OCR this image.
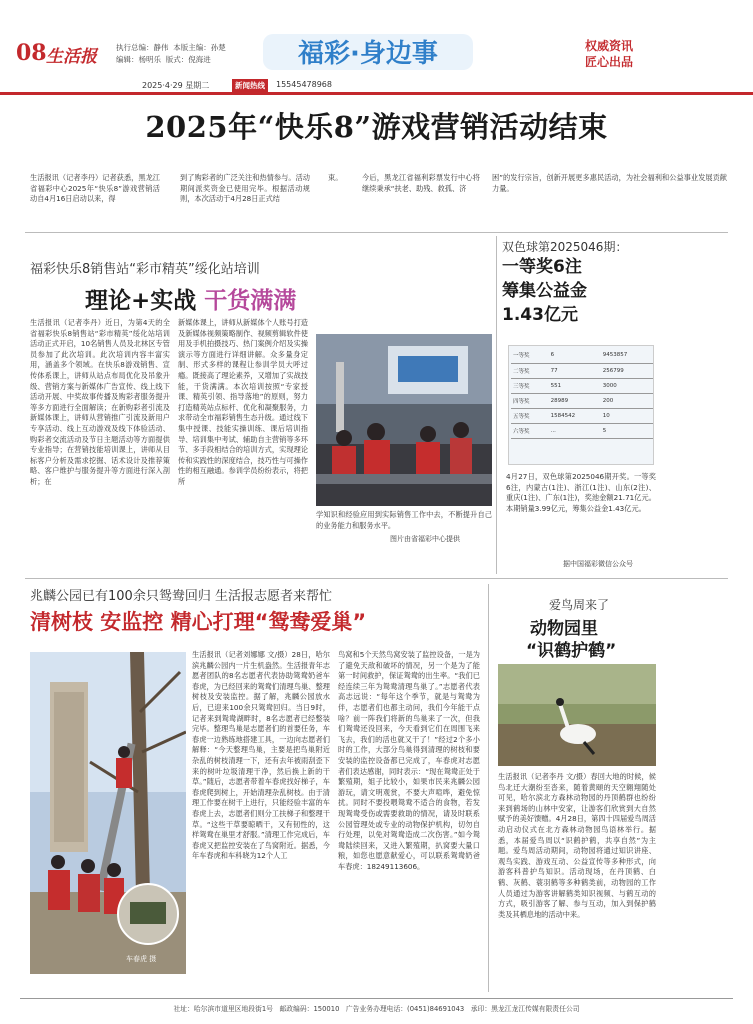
08 生活报	执行总编：静伟 本版主编：孙楚
编辑：杨明乐 版式：倪海进	福彩·身边事	权威资讯
匠心出品
2025·4·29 星期二	新闻热线	15545478968
2025年“快乐8”游戏营销活动结束
生活报讯（记者李丹）记者获悉，黑龙江省福彩中心2025年“快乐8”游戏营销活动自4月16日启动以来，得
到了购彩者的广泛关注和热情参与。活动期间派奖资金已使用完毕。根据活动规则，本次活动于4月28日正式结
束。	今后，黑龙江省福利彩票发行中心将继续秉承“扶老、助残、救孤、济
困”的发行宗旨，创新开展更多惠民活动，为社会福利和公益事业发展贡献力量。
福彩快乐8销售站“彩市精英”绥化站培训
理论+实战 干货满满
生活报讯（记者李丹）近日，为第4天的全省福彩快乐8销售站“彩市精英”绥化站培训活动正式开启，10名销售人员及北林区专管员参加了此次培训。此次培训内容丰富实用，涵盖多个领域。在快乐8游戏销售、宣传体系课上，讲师从站点布局优化及吊象升级、营销方案与新媒体广告宣传、线上线下活动开展、中奖故事传播及购彩者服务提升等多方面进行全面解读；在新购彩者引流及新媒体课上，讲师从营销推广引流及新用户专享活动、线上互动游戏及线下体验活动、购彩者交流活动及节日主题活动等方面提供专业指导；在营销技能培训课上，讲师从目标客户分析及需求挖掘、话术设计及推荐策略、客户维护与服务提升等方面进行深入剖析；在
新媒体课上，讲师从新媒体个人账号打造及新媒体视频策略制作、视频剪辑软件使用及手机拍摄技巧、热门案例介绍及实操演示等方面进行详细讲解。众多量身定制、形式多样的课程让参训学员大呼过瘾。既接高了理论素养，又增加了实战技能，干货满满。本次培训按照“专家授课、精英引领、指导落地”的原则，努力打造精英站点标杆、优化和凝聚服务，力求带动全市福彩销售生态升级。通过线下集中授课、技能实操训练、课后培训指导、培训集中考试、辅助自主营销等多环节、多手段相结合的培训方式，实现理论传和实践性的深度结合，技巧性与可操作性的相互融通。参训学员纷纷表示，将把所
学知识和经验应用到实际销售工作中去，不断提升自己的业务能力和服务水平。
图片由省福彩中心提供
双色球第2025046期：
一等奖6注
筹集公益金
1.43亿元
一等奖	6	9453857
二等奖	77	256799
三等奖	551	3000
四等奖	28989	200
五等奖	1584542	10
六等奖	...	5
4月27日，双色球第2025046期开奖。一等奖6注，内蒙古(1注)、浙江(1注)、山东(2注)、重庆(1注)、广东(1注)，奖池金额21.71亿元。本期销量3.99亿元，筹集公益金1.43亿元。
据中国福彩微信公众号
兆麟公园已有100余只鸳鸯回归 生活报志愿者来帮忙
清树枝 安监控 精心打理“鸳鸯爱巢”
车春虎 摄
生活报讯（记者刘娜娜 文/摄）28日，哈尔滨兆麟公园内一片生机盎然。生活报青年志愿者团队的8名志愿者代表协助鸳鸯奶爸车春虎，为已经回来的鸳鸯们清理鸟巢、整理树枝及安装监控。据了解，兆麟公园放水后，已迎来100余只鸳鸯回归。当日9时，记者来到鸳鸯湖畔时，8名志愿者已经整装完毕。整理鸟巢是志愿者们的首要任务，车春虎一边熟练地搭建工具，一边向志愿者们解释：“今天整理鸟巢，主要是把鸟巢附近杂乱的树枝清理一下，还有去年被雨刮歪下来的树叶垃圾清理干净，然后换上新的干草。”随后，志愿者带着车春虎找好梯子，车春虎爬到树上，开始清理杂乱树枝。由于清理工作要在树干上进行，只能经验丰富的车春虎上去，志愿者们则分工扶梯子和整理干草。“这些干草要晾晒干，又有韧性的，这样鸳鸯在巢里才舒服。”清理工作完成后，车春虎又把监控安装在了鸟窝附近。据悉，今年车春虎和车科晓为12个人工
鸟窝和5个天然鸟窝安装了监控设备，一是为了避免天敌和破坏的情况，另一个是为了能第一时间救护，保证鸳鸯的出生率。“我们已经连续三年为鸳鸯清理鸟巢了。”志愿者代表高志远说：“每年这个季节，就是与鸳鸯为伴，志愿者们也都主动问，我们今年能干点啥？前一阵我们将新的鸟巢来了一次，但我们鸳鸯还没回来，今天看到它们在周围飞来飞去，我们的活也就又干了！”经过2个多小时的工作，大部分鸟巢得到清理的树枝和要安装的监控设备都已完成了，车春虎对志愿者们表达感谢，同时表示：“现在鸳鸯正处于繁殖期，姐子比较小，如果市民来兆麟公园游玩，请文明观赏，不要大声喧哗，避免惊扰。同时不要投喂鸳鸯不适合的食物，若发现鸳鸯受伤或需要救助的情况，请及时联系公园管理处或专业的动物保护机构，切勿自行处理，以免对鸳鸯造成二次伤害。”如今鸳鸯陆续回来，又进入繁殖期，扒窝要大量口粮，如您也愿意献爱心，可以联系鸳鸯奶爸车春虎：18249113606。
爱鸟周来了
动物园里
“识鹤护鹤”
生活报讯（记者李丹 文/摄）春回大地的时候，候鸟北迁大潮纷至沓来，随着黄頤的天空翱翔随处可见，哈尔滨北方森林动物园的丹顶鹤群也纷纷来到鹤场的山林中安家，让游客们欣赏到大自然赋予的美好馈赠。4月28日，第四十四届爱鸟周活动启动仪式在北方森林动物园鸟语林举行。据悉，本届爱鸟周以“识鹤护鹤，共享自然”为主题。爱鸟周活动期间，动物园将通过知识讲座、观鸟实践、游戏互动、公益宣传等多种形式，向游客科普护鸟知识。活动现场，在丹顶鹤、白鹤、灰鹤、蓑羽鹤等多种鹤类前，动物园的工作人员通过为游客讲解鹤类知识视频、与鹤互动的方式，吸引游客了解、参与互动，加入到保护鹤类及其栖息地的活动中来。
社址：哈尔滨市道里区地段街1号 邮政编码：150010 广告业务办理电话：(0451)84691043 承印：黑龙江龙江传媒有限责任公司
